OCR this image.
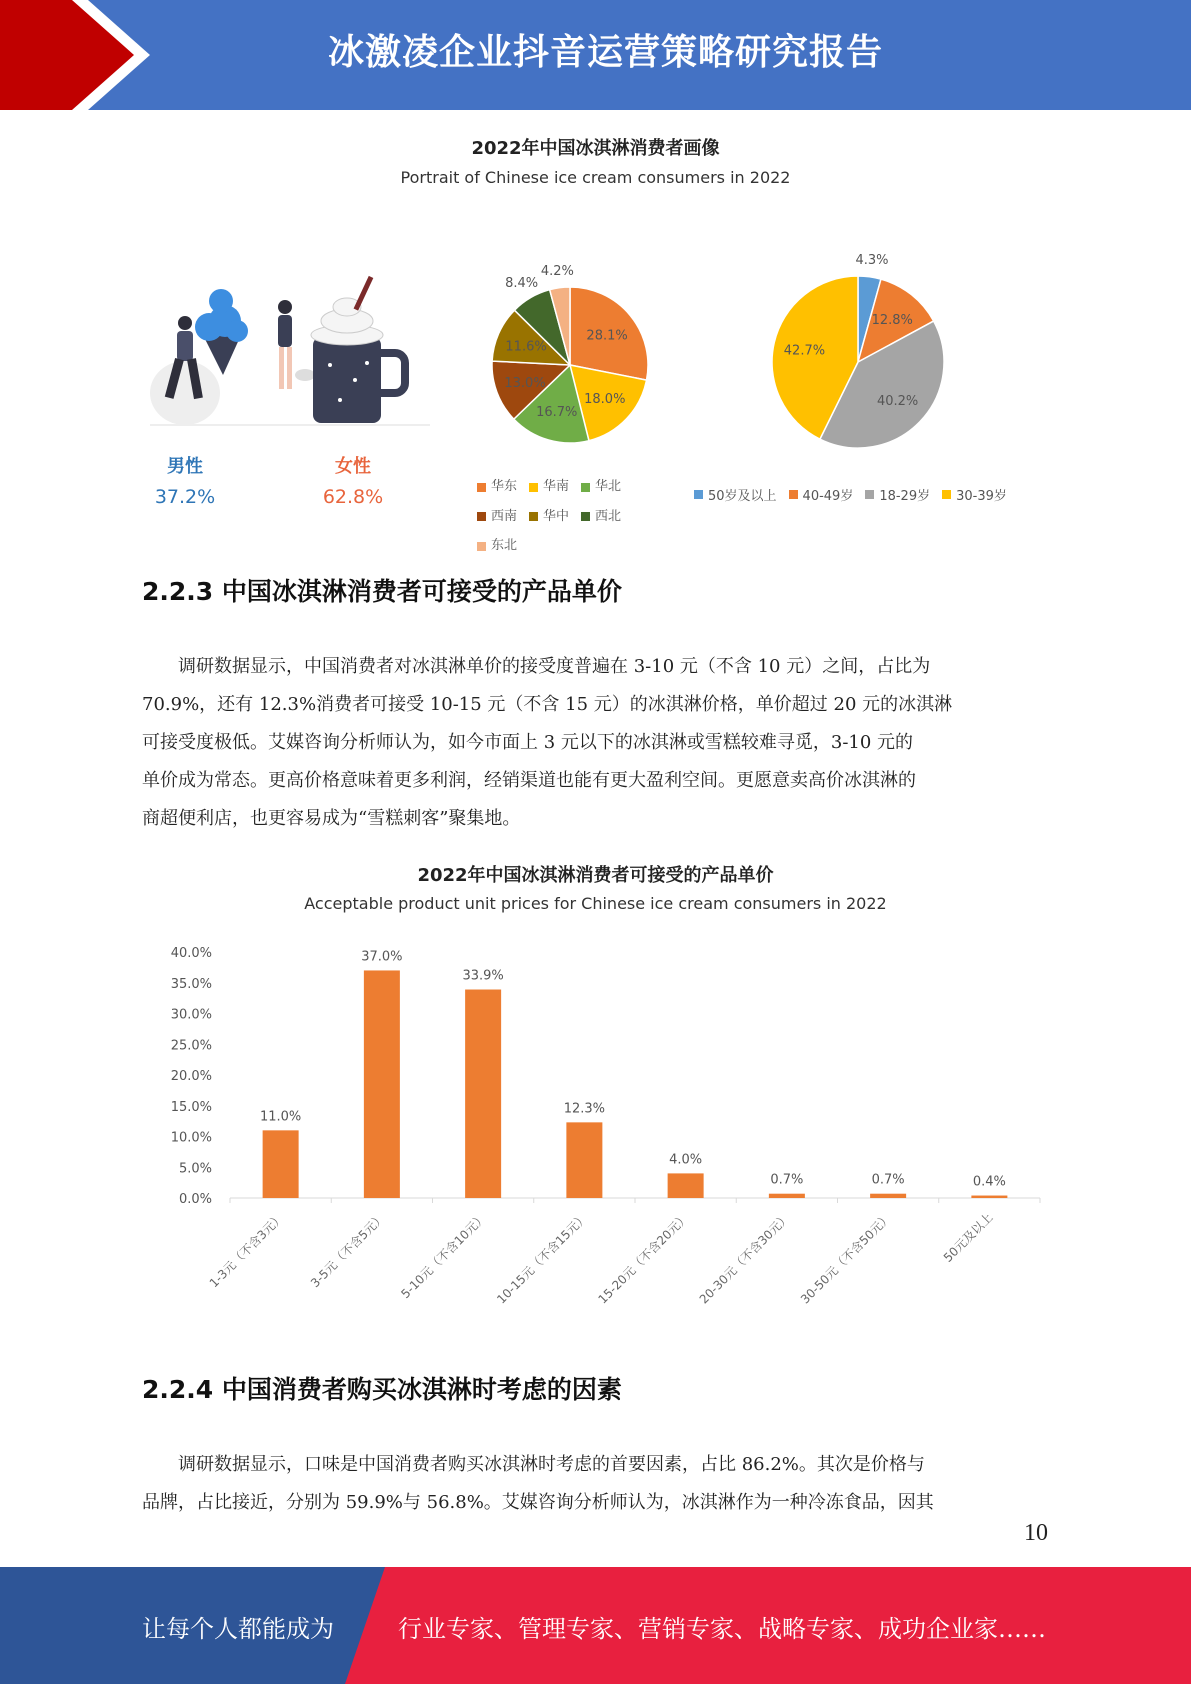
冰激凌企业抖音运营策略研究报告
2022年中国冰淇淋消费者画像
Portrait of Chinese ice cream consumers in 2022
男性
37.2%
女性
62.8%
28.1%
18.0%
16.7%
13.0%
11.6%
8.4%
4.2%
华东 华南 华北
西南 华中 西北
东北
4.3%
12.8%
40.2%
42.7%
50岁及以上 40-49岁 18-29岁 30-39岁
2.2.3 中国冰淇淋消费者可接受的产品单价
　　调研数据显示，中国消费者对冰淇淋单价的接受度普遍在 3-10 元（不含 10 元）之间，占比为
70.9%，还有 12.3%消费者可接受 10-15 元（不含 15 元）的冰淇淋价格，单价超过 20 元的冰淇淋
可接受度极低。艾媒咨询分析师认为，如今市面上 3 元以下的冰淇淋或雪糕较难寻觅，3-10 元的
单价成为常态。更高价格意味着更多利润，经销渠道也能有更大盈利空间。更愿意卖高价冰淇淋的
商超便利店，也更容易成为“雪糕刺客”聚集地。
2022年中国冰淇淋消费者可接受的产品单价
Acceptable product unit prices for Chinese ice cream consumers in 2022
0.0%
5.0%
10.0%
15.0%
20.0%
25.0%
30.0%
35.0%
40.0%
11.0%
1-3元（不含3元）
37.0%
3-5元（不含5元）
33.9%
5-10元（不含10元）
12.3%
10-15元（不含15元）
4.0%
15-20元（不含20元）
0.7%
20-30元（不含30元）
0.7%
30-50元（不含50元）
0.4%
50元及以上
2.2.4 中国消费者购买冰淇淋时考虑的因素
　　调研数据显示，口味是中国消费者购买冰淇淋时考虑的首要因素，占比 86.2%。其次是价格与
品牌，占比接近，分别为 59.9%与 56.8%。艾媒咨询分析师认为，冰淇淋作为一种冷冻食品，因其
10
让每个人都能成为	行业专家、管理专家、营销专家、战略专家、成功企业家……
